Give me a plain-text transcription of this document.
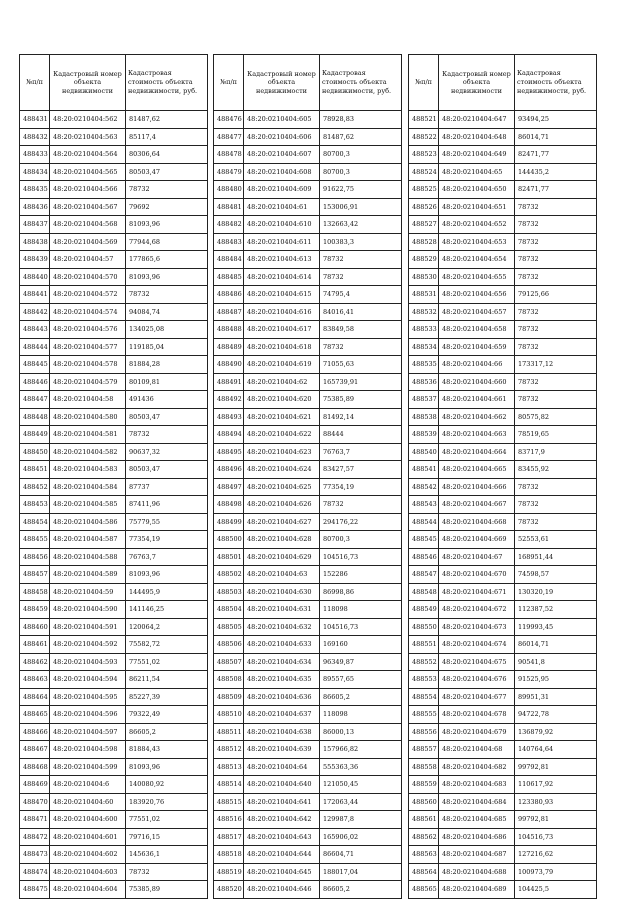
№п/п	Кадастровый номер объекта недвижимости	Кадастровая стоимость объекта недвижимости, руб.
488431	48:20:0210404:562	81487,62
488432	48:20:0210404:563	85117,4
488433	48:20:0210404:564	80306,64
488434	48:20:0210404:565	80503,47
488435	48:20:0210404:566	78732
488436	48:20:0210404:567	79692
488437	48:20:0210404:568	81093,96
488438	48:20:0210404:569	77944,68
488439	48:20:0210404:57	177865,6
488440	48:20:0210404:570	81093,96
488441	48:20:0210404:572	78732
488442	48:20:0210404:574	94084,74
488443	48:20:0210404:576	134025,08
488444	48:20:0210404:577	119185,04
488445	48:20:0210404:578	81884,28
488446	48:20:0210404:579	80109,81
488447	48:20:0210404:58	491436
488448	48:20:0210404:580	80503,47
488449	48:20:0210404:581	78732
488450	48:20:0210404:582	90637,32
488451	48:20:0210404:583	80503,47
488452	48:20:0210404:584	87737
488453	48:20:0210404:585	87411,96
488454	48:20:0210404:586	75779,55
488455	48:20:0210404:587	77354,19
488456	48:20:0210404:588	76763,7
488457	48:20:0210404:589	81093,96
488458	48:20:0210404:59	144495,9
488459	48:20:0210404:590	141146,25
488460	48:20:0210404:591	120064,2
488461	48:20:0210404:592	75582,72
488462	48:20:0210404:593	77551,02
488463	48:20:0210404:594	86211,54
488464	48:20:0210404:595	85227,39
488465	48:20:0210404:596	79322,49
488466	48:20:0210404:597	86605,2
488467	48:20:0210404:598	81884,43
488468	48:20:0210404:599	81093,96
488469	48:20:0210404:6	140080,92
488470	48:20:0210404:60	183920,76
488471	48:20:0210404:600	77551,02
488472	48:20:0210404:601	79716,15
488473	48:20:0210404:602	145636,1
488474	48:20:0210404:603	78732
488475	48:20:0210404:604	75385,89
№п/п	Кадастровый номер объекта недвижимости	Кадастровая стоимость объекта недвижимости, руб.
488476	48:20:0210404:605	78928,83
488477	48:20:0210404:606	81487,62
488478	48:20:0210404:607	80700,3
488479	48:20:0210404:608	80700,3
488480	48:20:0210404:609	91622,75
488481	48:20:0210404:61	153006,91
488482	48:20:0210404:610	132663,42
488483	48:20:0210404:611	100383,3
488484	48:20:0210404:613	78732
488485	48:20:0210404:614	78732
488486	48:20:0210404:615	74795,4
488487	48:20:0210404:616	84016,41
488488	48:20:0210404:617	83849,58
488489	48:20:0210404:618	78732
488490	48:20:0210404:619	71055,63
488491	48:20:0210404:62	165739,91
488492	48:20:0210404:620	75385,89
488493	48:20:0210404:621	81492,14
488494	48:20:0210404:622	88444
488495	48:20:0210404:623	76763,7
488496	48:20:0210404:624	83427,57
488497	48:20:0210404:625	77354,19
488498	48:20:0210404:626	78732
488499	48:20:0210404:627	294176,22
488500	48:20:0210404:628	80700,3
488501	48:20:0210404:629	104516,73
488502	48:20:0210404:63	152286
488503	48:20:0210404:630	86998,86
488504	48:20:0210404:631	118098
488505	48:20:0210404:632	104516,73
488506	48:20:0210404:633	169160
488507	48:20:0210404:634	96349,87
488508	48:20:0210404:635	89557,65
488509	48:20:0210404:636	86605,2
488510	48:20:0210404:637	118098
488511	48:20:0210404:638	86000,13
488512	48:20:0210404:639	157966,82
488513	48:20:0210404:64	555363,36
488514	48:20:0210404:640	121050,45
488515	48:20:0210404:641	172063,44
488516	48:20:0210404:642	129987,8
488517	48:20:0210404:643	165906,02
488518	48:20:0210404:644	86604,71
488519	48:20:0210404:645	188017,04
488520	48:20:0210404:646	86605,2
№п/п	Кадастровый номер объекта недвижимости	Кадастровая стоимость объекта недвижимости, руб.
488521	48:20:0210404:647	93494,25
488522	48:20:0210404:648	86014,71
488523	48:20:0210404:649	82471,77
488524	48:20:0210404:65	144435,2
488525	48:20:0210404:650	82471,77
488526	48:20:0210404:651	78732
488527	48:20:0210404:652	78732
488528	48:20:0210404:653	78732
488529	48:20:0210404:654	78732
488530	48:20:0210404:655	78732
488531	48:20:0210404:656	79125,66
488532	48:20:0210404:657	78732
488533	48:20:0210404:658	78732
488534	48:20:0210404:659	78732
488535	48:20:0210404:66	173317,12
488536	48:20:0210404:660	78732
488537	48:20:0210404:661	78732
488538	48:20:0210404:662	80575,82
488539	48:20:0210404:663	78519,65
488540	48:20:0210404:664	83717,9
488541	48:20:0210404:665	83455,92
488542	48:20:0210404:666	78732
488543	48:20:0210404:667	78732
488544	48:20:0210404:668	78732
488545	48:20:0210404:669	52553,61
488546	48:20:0210404:67	168951,44
488547	48:20:0210404:670	74598,57
488548	48:20:0210404:671	130320,19
488549	48:20:0210404:672	112387,52
488550	48:20:0210404:673	119993,45
488551	48:20:0210404:674	86014,71
488552	48:20:0210404:675	90541,8
488553	48:20:0210404:676	91525,95
488554	48:20:0210404:677	89951,31
488555	48:20:0210404:678	94722,78
488556	48:20:0210404:679	136879,92
488557	48:20:0210404:68	140764,64
488558	48:20:0210404:682	99792,81
488559	48:20:0210404:683	110617,92
488560	48:20:0210404:684	123380,93
488561	48:20:0210404:685	99792,81
488562	48:20:0210404:686	104516,73
488563	48:20:0210404:687	127216,62
488564	48:20:0210404:688	100973,79
488565	48:20:0210404:689	104425,5
